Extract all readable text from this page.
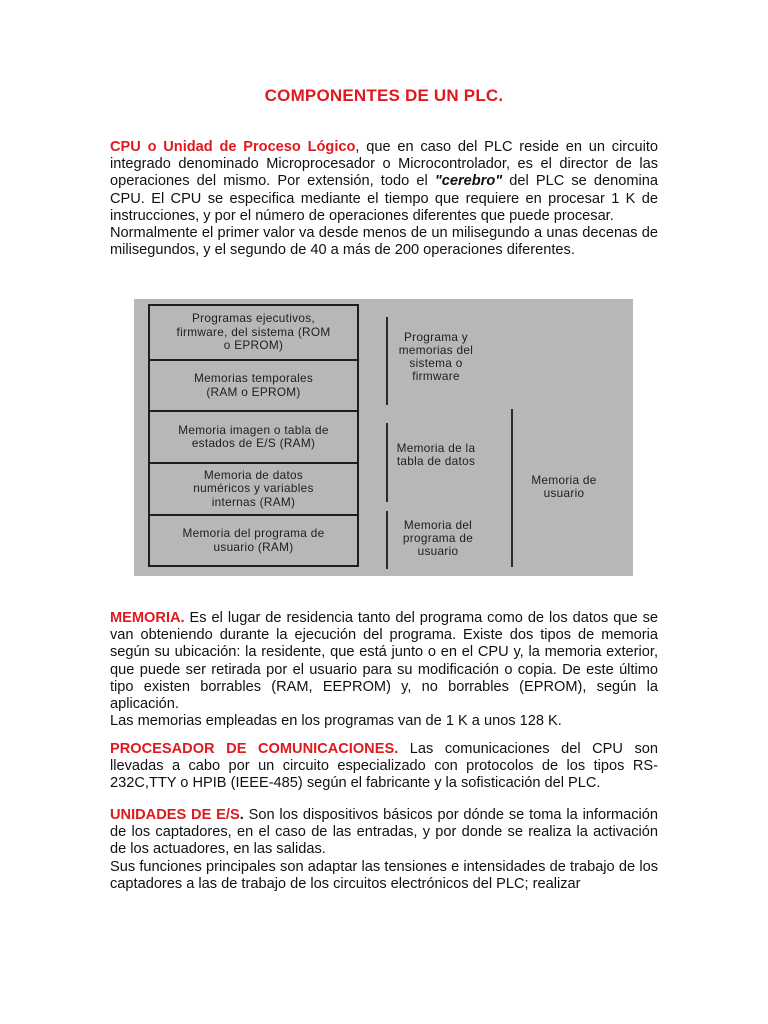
COMPONENTES DE UN PLC.

CPU o Unidad de Proceso Lógico, que en caso del PLC reside en un circuito integrado denominado Microprocesador o Microcontrolador, es el director de las operaciones del mismo. Por extensión, todo el "cerebro" del PLC se denomina CPU. El CPU se especifica mediante el tiempo que requiere en procesar 1 K de instrucciones, y por el número de operaciones diferentes que puede procesar.

Normalmente el primer valor va desde menos de un milisegundo a unas decenas de milisegundos, y el segundo de 40 a más de 200 operaciones diferentes.

Programas ejecutivos, firmware, del sistema (ROM o EPROM)
Memorias temporales (RAM o EPROM)
Memoria imagen o tabla de estados de E/S (RAM)
Memoria de datos numéricos y variables internas (RAM)
Memoria del programa de usuario (RAM)
Programa y memorias del sistema o firmware
Memoria de la tabla de datos
Memoria del programa de usuario
Memoria de usuario

MEMORIA. Es el lugar de residencia tanto del programa como de los datos que se van obteniendo durante la ejecución del programa. Existe dos tipos de memoria según su ubicación: la residente, que está junto o en el CPU y, la memoria exterior, que puede ser retirada por el usuario para su modificación o copia. De este último tipo existen borrables (RAM, EEPROM) y, no borrables (EPROM), según la aplicación.

Las memorias empleadas en los programas van de 1 K a unos 128 K.

PROCESADOR DE COMUNICACIONES. Las comunicaciones del CPU son llevadas a cabo por un circuito especializado con protocolos de los tipos RS-232C,TTY o HPIB (IEEE-485) según el fabricante y la sofisticación del PLC.

UNIDADES DE E/S. Son los dispositivos básicos por dónde se toma la información de los captadores, en el caso de las entradas, y por donde se realiza la activación de los actuadores, en las salidas.

Sus funciones principales son adaptar las tensiones e intensidades de trabajo de los captadores a las de trabajo de los circuitos electrónicos del PLC; realizar
